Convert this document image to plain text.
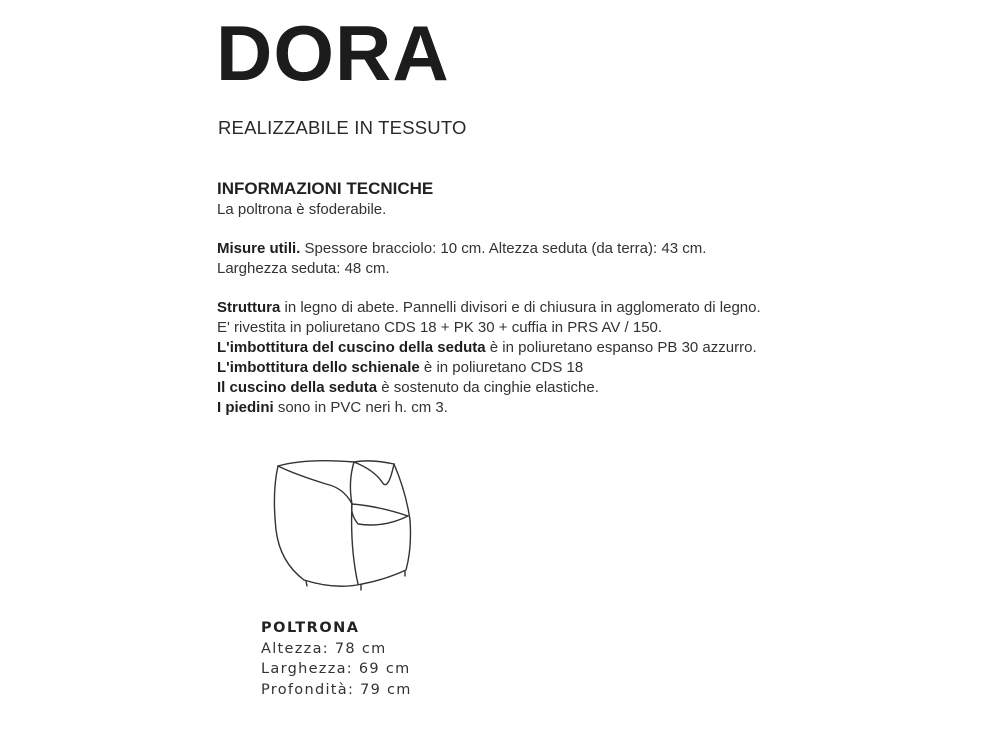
DORA
REALIZZABILE IN TESSUTO

INFORMAZIONI TECNICHE

La poltrona è sfoderabile.

Misure utili. Spessore bracciolo: 10 cm. Altezza seduta (da terra): 43 cm.

Larghezza seduta: 48 cm.

Struttura in legno di abete. Pannelli divisori e di chiusura in agglomerato di legno.

E' rivestita in poliuretano CDS 18 + PK 30 + cuffia in PRS AV / 150.

L'imbottitura del cuscino della seduta è in poliuretano espanso PB 30 azzurro.

L'imbottitura dello schienale è in poliuretano CDS 18

Il cuscino della seduta è sostenuto da cinghie elastiche.

I piedini sono in PVC neri h. cm 3.

POLTRONA
Altezza: 78 cm
Larghezza: 69 cm
Profondità: 79 cm
